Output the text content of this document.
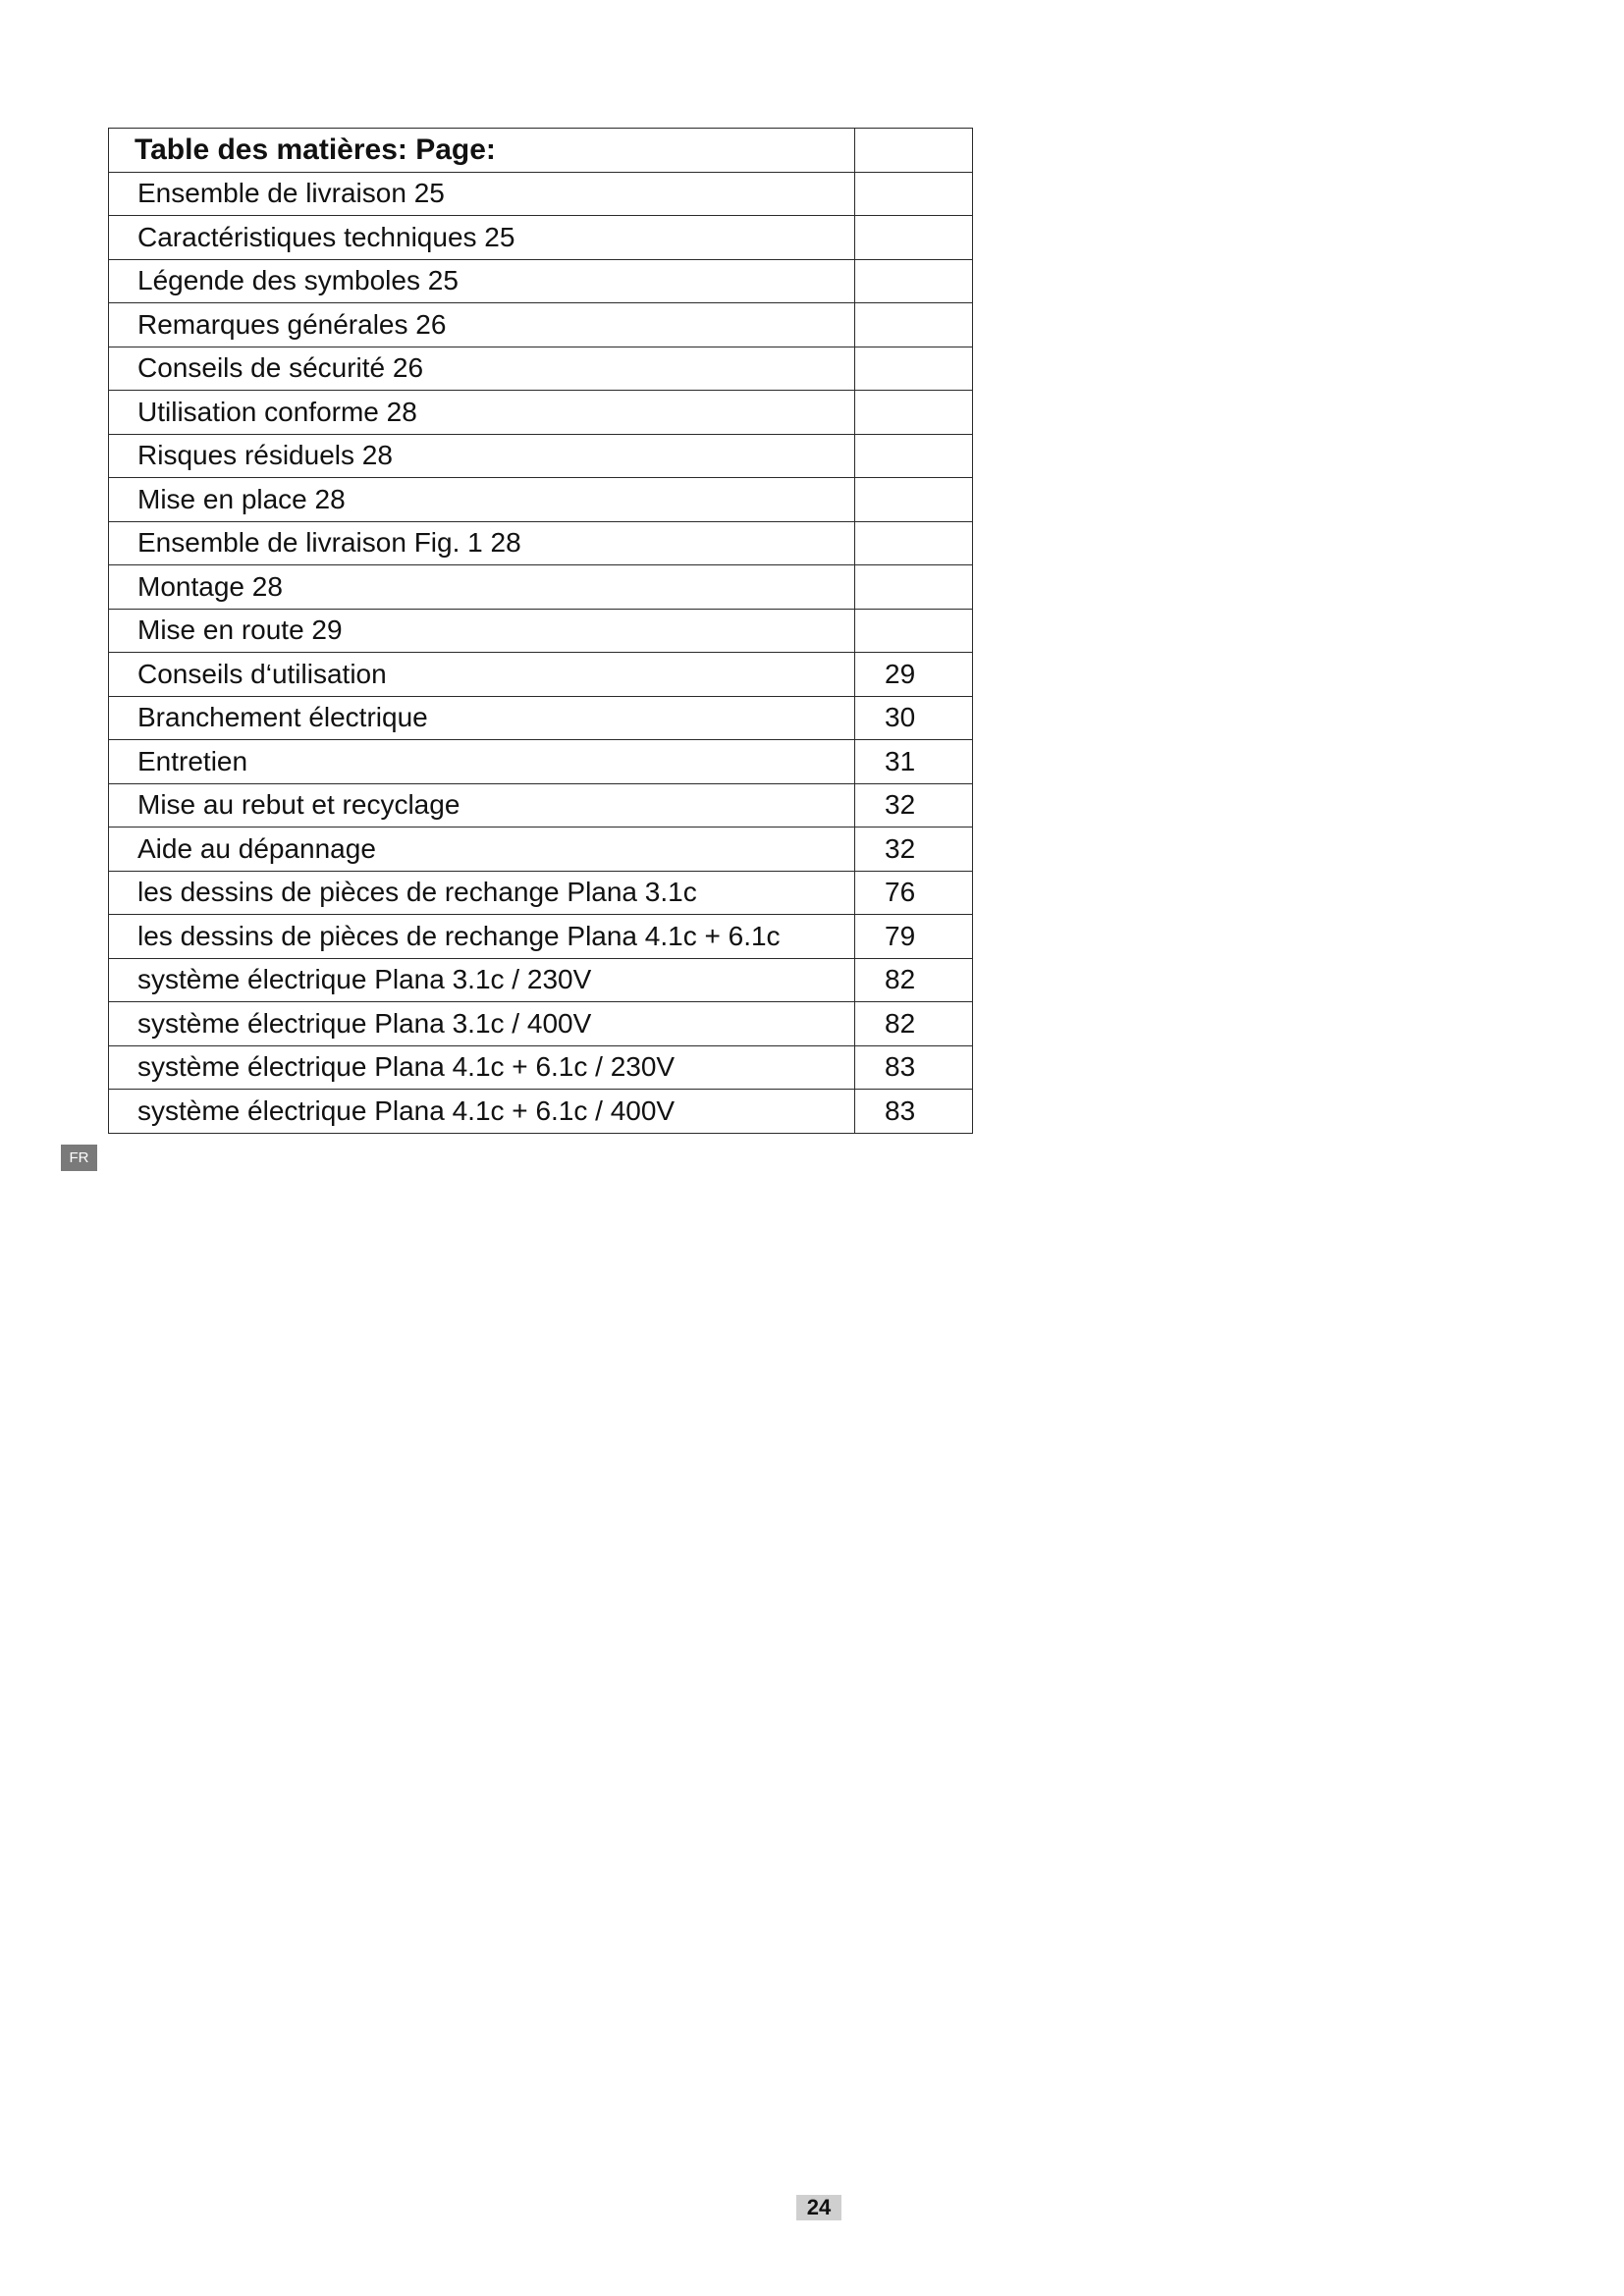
Table des matières: Page:	
Ensemble de livraison 25	
Caractéristiques techniques 25	
Légende des symboles 25	
Remarques générales 26	
Conseils de sécurité 26	
Utilisation conforme 28	
Risques résiduels 28	
Mise en place 28	
Ensemble de livraison Fig. 1 28	
Montage 28	
Mise en route 29	
Conseils d‘utilisation	29
Branchement électrique	30
Entretien	31
Mise au rebut et recyclage	32
Aide au dépannage	32
les dessins de pièces de rechange Plana 3.1c	76
les dessins de pièces de rechange Plana 4.1c + 6.1c	79
système électrique Plana 3.1c / 230V	82
système électrique Plana 3.1c / 400V	82
système électrique Plana 4.1c + 6.1c / 230V	83
système électrique Plana 4.1c + 6.1c / 400V	83
FR
24
